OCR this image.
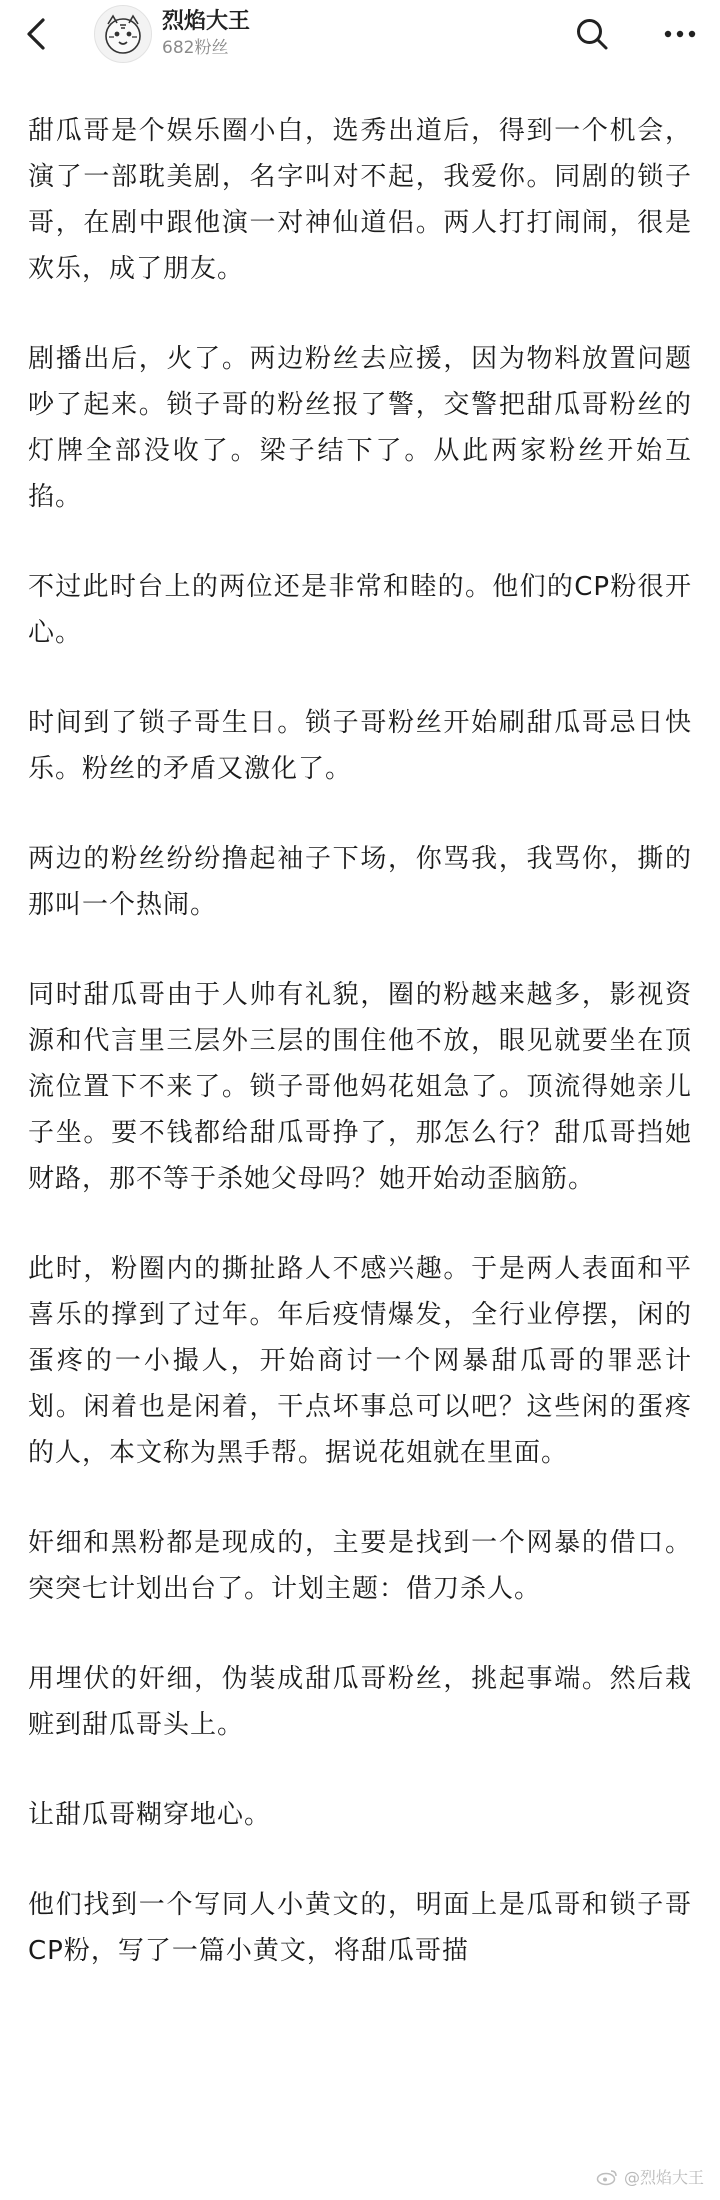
烈焰大王
682粉丝

甜瓜哥是个娱乐圈小白，选秀出道后，得到一个机会，演了一部耽美剧，名字叫对不起，我爱你。同剧的锁子哥，在剧中跟他演一对神仙道侣。两人打打闹闹，很是欢乐，成了朋友。

剧播出后，火了。两边粉丝去应援，因为物料放置问题吵了起来。锁子哥的粉丝报了警，交警把甜瓜哥粉丝的灯牌全部没收了。梁子结下了。从此两家粉丝开始互掐。

不过此时台上的两位还是非常和睦的。他们的CP粉很开心。

时间到了锁子哥生日。锁子哥粉丝开始刷甜瓜哥忌日快乐。粉丝的矛盾又激化了。

两边的粉丝纷纷撸起袖子下场，你骂我，我骂你，撕的那叫一个热闹。

同时甜瓜哥由于人帅有礼貌，圈的粉越来越多，影视资源和代言里三层外三层的围住他不放，眼见就要坐在顶流位置下不来了。锁子哥他妈花姐急了。顶流得她亲儿子坐。要不钱都给甜瓜哥挣了，那怎么行？甜瓜哥挡她财路，那不等于杀她父母吗？她开始动歪脑筋。

此时，粉圈内的撕扯路人不感兴趣。于是两人表面和平喜乐的撑到了过年。年后疫情爆发，全行业停摆，闲的蛋疼的一小撮人，开始商讨一个网暴甜瓜哥的罪恶计划。闲着也是闲着，干点坏事总可以吧？这些闲的蛋疼的人，本文称为黑手帮。据说花姐就在里面。

奸细和黑粉都是现成的，主要是找到一个网暴的借口。突突七计划出台了。计划主题：借刀杀人。

用埋伏的奸细，伪装成甜瓜哥粉丝，挑起事端。然后栽赃到甜瓜哥头上。

让甜瓜哥糊穿地心。

他们找到一个写同人小黄文的，明面上是瓜哥和锁子哥CP粉，写了一篇小黄文，将甜瓜哥描

@烈焰大王
